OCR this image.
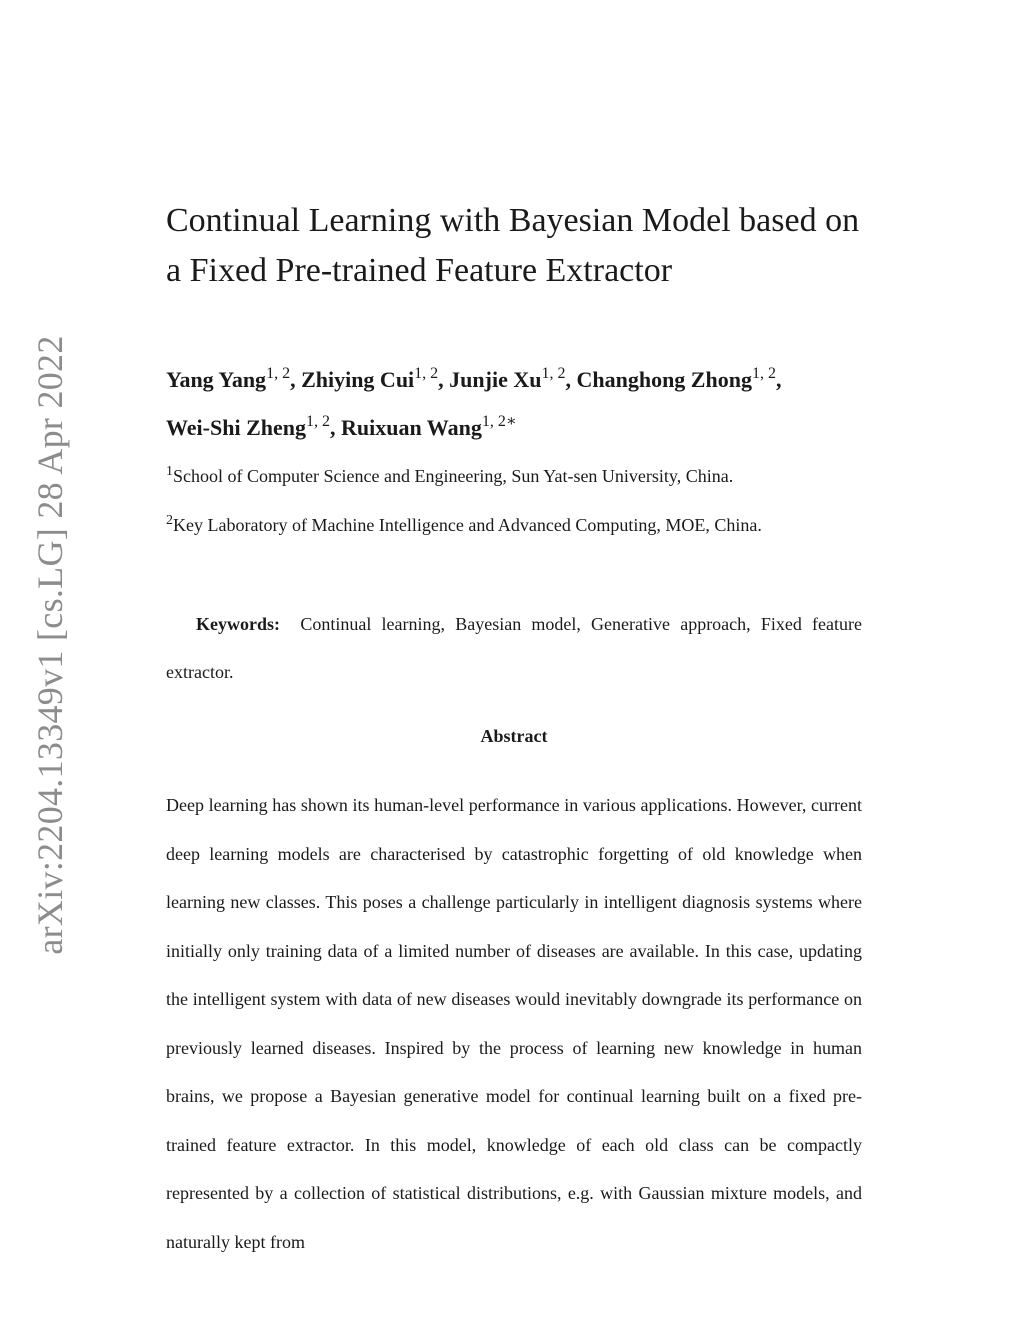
arXiv:2204.13349v1 [cs.LG] 28 Apr 2022
Continual Learning with Bayesian Model based on
a Fixed Pre-trained Feature Extractor
Yang Yang$^{1, 2}$, Zhiying Cui$^{1, 2}$, Junjie Xu$^{1, 2}$, Changhong Zhong$^{1, 2}$,
Wei-Shi Zheng$^{1, 2}$, Ruixuan Wang$^{1, 2∗}$
$^1$School of Computer Science and Engineering, Sun Yat-sen University, China.
$^2$Key Laboratory of Machine Intelligence and Advanced Computing, MOE, China.
Keywords: Continual learning, Bayesian model, Generative approach, Fixed feature extractor.
Abstract
Deep learning has shown its human-level performance in various applications. However, current deep learning models are characterised by catastrophic forgetting of old knowledge when learning new classes. This poses a challenge particularly in intelligent diagnosis systems where initially only training data of a limited number of diseases are available. In this case, updating the intelligent system with data of new diseases would inevitably downgrade its performance on previously learned diseases. Inspired by the process of learning new knowledge in human brains, we propose a Bayesian generative model for continual learning built on a fixed pre-trained feature extractor. In this model, knowledge of each old class can be compactly represented by a collection of statistical distributions, e.g. with Gaussian mixture models, and naturally kept from
